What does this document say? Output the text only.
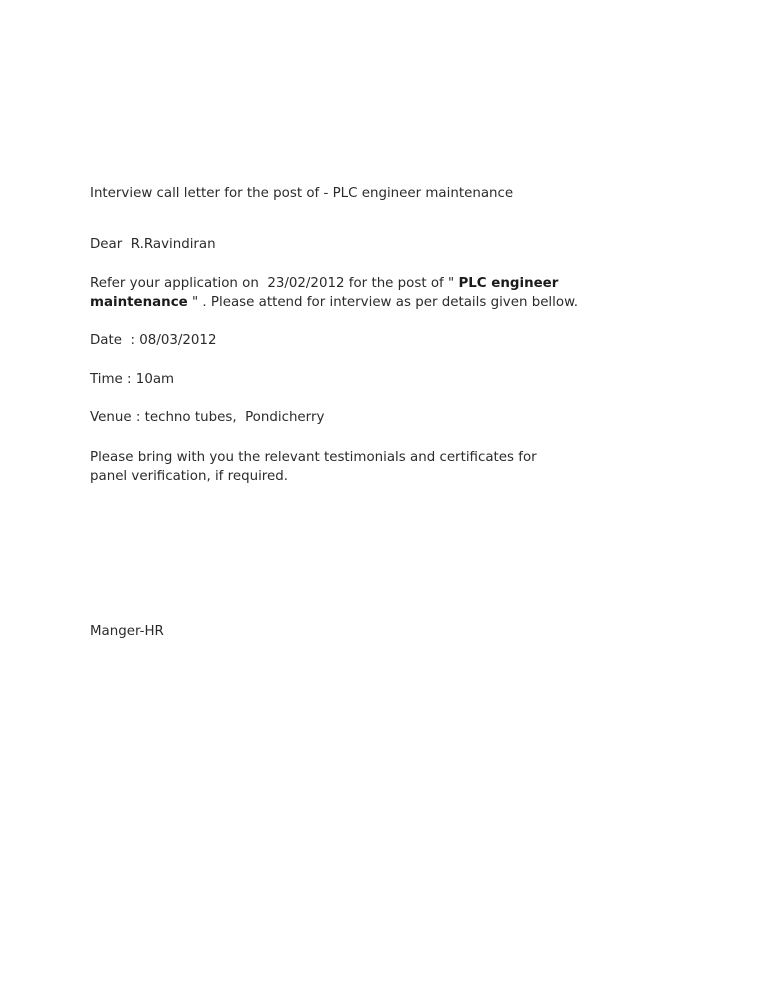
Interview call letter for the post of - PLC engineer maintenance
Dear  R.Ravindiran
Refer your application on  23/02/2012 for the post of " PLC engineer
maintenance " . Please attend for interview as per details given bellow.
Date  : 08/03/2012
Time : 10am
Venue : techno tubes,  Pondicherry
Please bring with you the relevant testimonials and certificates for
panel verification, if required.
Manger-HR
